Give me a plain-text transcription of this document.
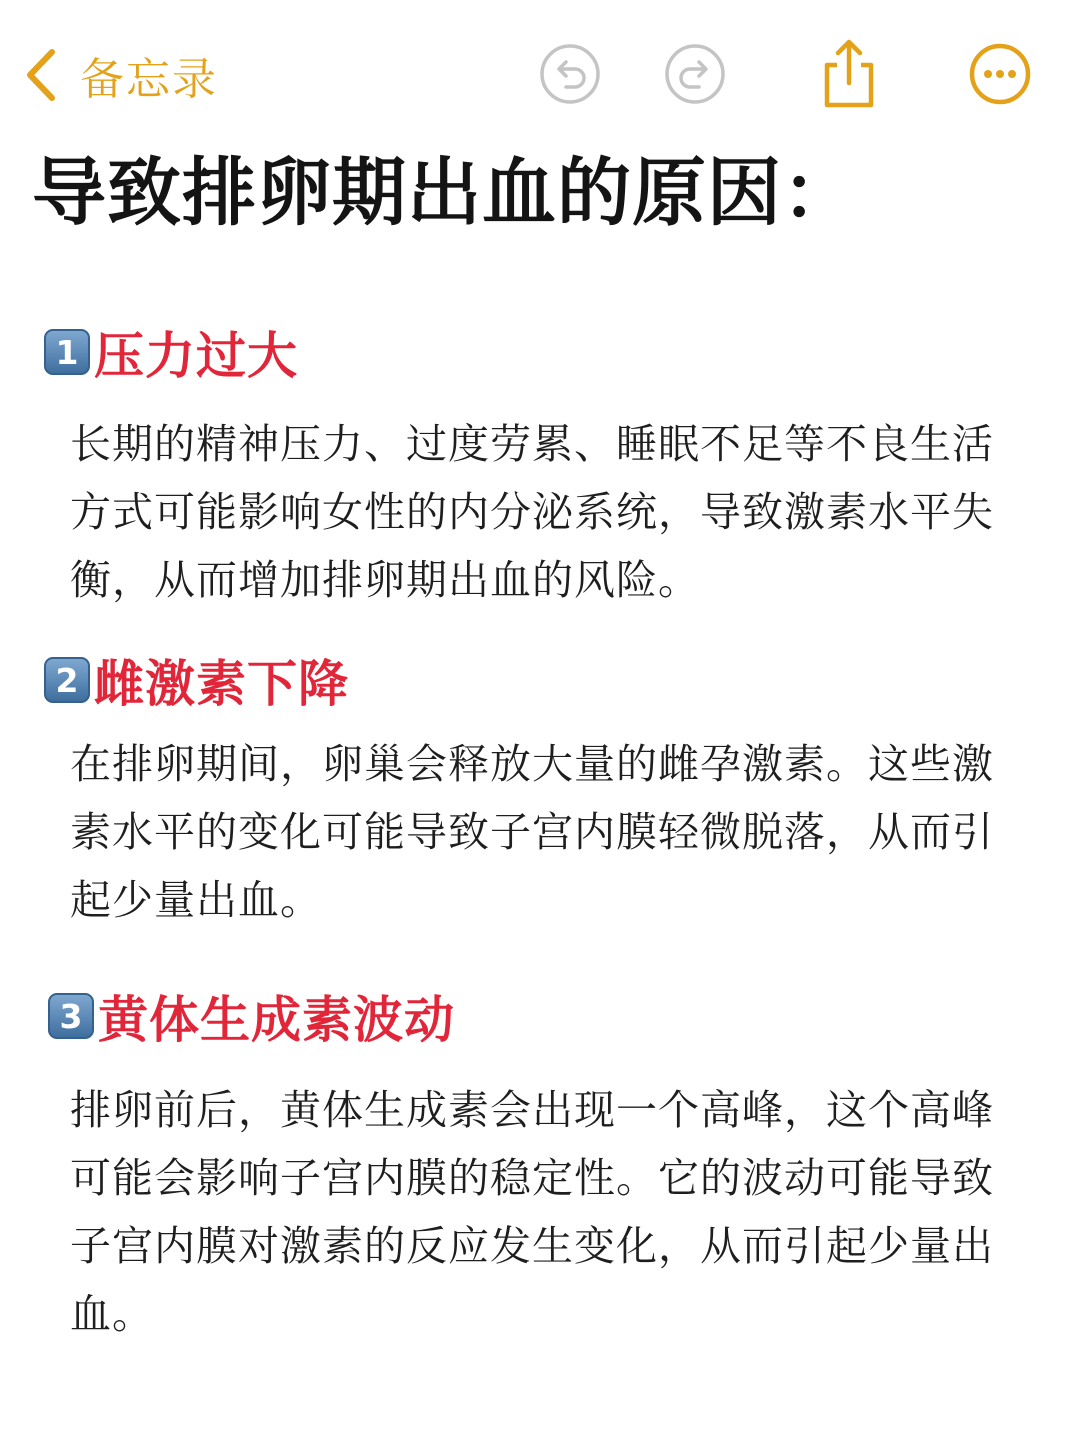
备忘录
导致排卵期出血的原因：
1 压力过大

长期的精神压力、过度劳累、睡眠不足等不良生活方式可能影响女性的内分泌系统，导致激素水平失衡，从而增加排卵期出血的风险。

2 雌激素下降

在排卵期间，卵巢会释放大量的雌孕激素。这些激素水平的变化可能导致子宫内膜轻微脱落，从而引起少量出血。

3 黄体生成素波动

排卵前后，黄体生成素会出现一个高峰，这个高峰可能会影响子宫内膜的稳定性。它的波动可能导致子宫内膜对激素的反应发生变化，从而引起少量出血。
